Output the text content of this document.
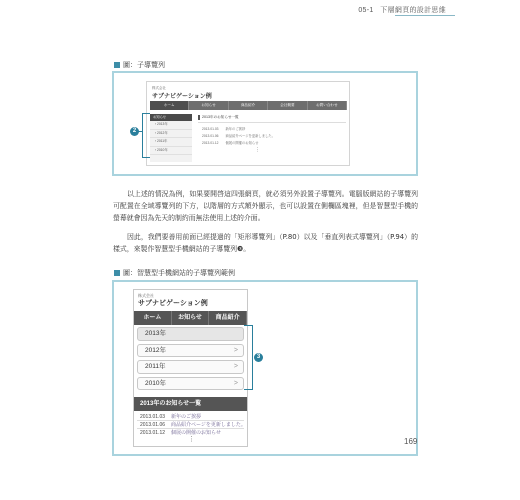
05-1 下層網頁的設計思維
圖： 子導覽列
株式会社
サブナビゲーション例
ホーム	お知らせ	商品紹介	会社概要	お問い合わせ
お知らせ
› 2013年
› 2012年
› 2011年
› 2010年
2013年のお知らせ一覧
2013.01.03 新年のご挨拶
2013.01.06 商品紹介ページを更新しました。
2013.01.12 個展の開催のお知らせ
⋮
2
以上述的情況為例，如果要開啓這四張網頁，就必須另外設置子導覽列。電腦版網站的子導覽列可配置在全域導覽列的下方，以階層的方式額外顯示，也可以設置在側欄區塊裡，但是智慧型手機的螢幕就會因為先天的制約而無法使用上述的介面。
因此，我們要善用前面已經提過的「矩形導覽列」（P.80）以及「垂直列表式導覽列」（P.94）的樣式，來製作智慧型手機網站的子導覽列❸。
圖： 智慧型手機網站的子導覽列範例
株式会社
サブナビゲーション例
ホーム	お知らせ	商品紹介
2013年
2012年	>
2011年	>
2010年	>
2013年のお知らせ一覧
2013.01.03 新年のご挨拶
2013.01.06 商品紹介ページを更新しました。
2013.01.12 個展の開催のお知らせ
⋮
3
169
